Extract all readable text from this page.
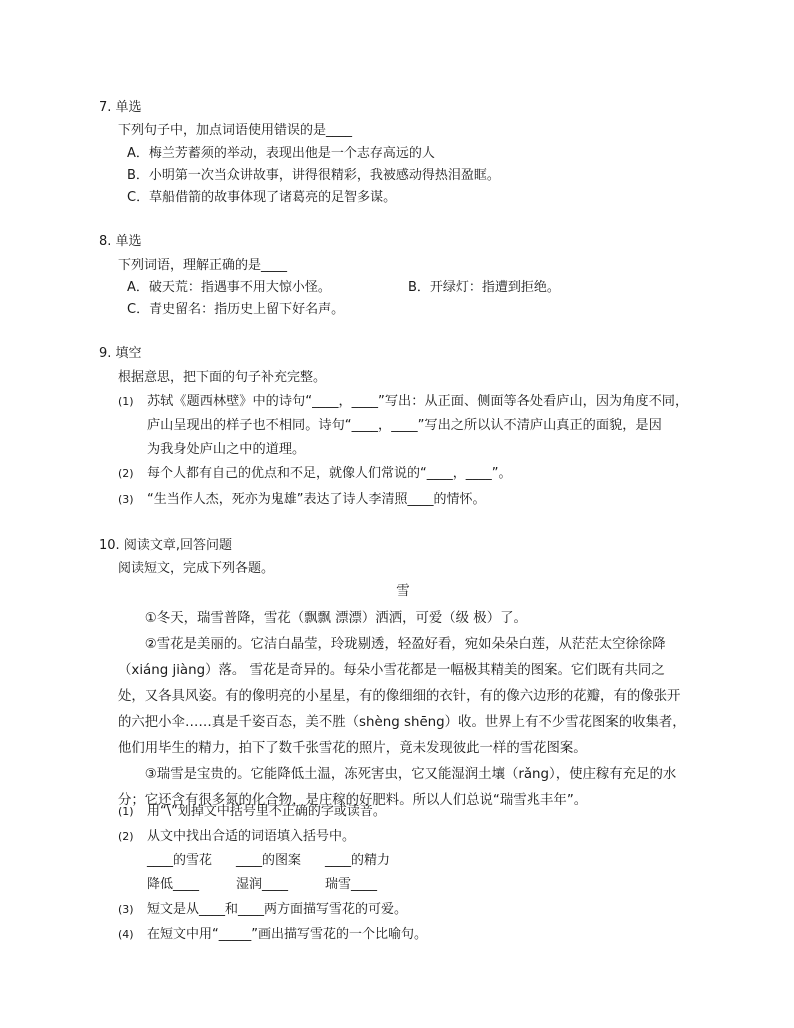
7. 单选
下列句子中，加点词语使用错误的是____
A．梅兰芳蓄须的举动，表现出他是一个志存高远的人
B．小明第一次当众讲故事，讲得很精彩，我被感动得热泪盈眶。
C．草船借箭的故事体现了诸葛亮的足智多谋。
8. 单选
下列词语，理解正确的是____
A．破天荒：指遇事不用大惊小怪。	B．开绿灯：指遭到拒绝。
C．青史留名：指历史上留下好名声。
9. 填空
根据意思，把下面的句子补充完整。
(1) 苏轼《题西林壁》中的诗句“____，____”写出：从正面、侧面等各处看庐山，因为角度不同，
庐山呈现出的样子也不相同。诗句“____，____”写出之所以认不清庐山真正的面貌，是因
为我身处庐山之中的道理。
(2) 每个人都有自己的优点和不足，就像人们常说的“____，____”。
(3) “生当作人杰，死亦为鬼雄”表达了诗人李清照____的情怀。
10. 阅读文章,回答问题
阅读短文，完成下列各题。
雪

①冬天，瑞雪普降，雪花（飘飘 漂漂）洒洒，可爱（级 极）了。

②雪花是美丽的。它洁白晶莹，玲珑剔透，轻盈好看，宛如朵朵白莲，从茫茫太空徐徐降（xiáng jiàng）落。 雪花是奇异的。每朵小雪花都是一幅极其精美的图案。它们既有共同之处，又各具风姿。有的像明亮的小星星，有的像细细的衣针，有的像六边形的花瓣，有的像张开的六把小伞……真是千姿百态，美不胜（shèng shēng）收。世界上有不少雪花图案的收集者，他们用毕生的精力，拍下了数千张雪花的照片，竟未发现彼此一样的雪花图案。

③瑞雪是宝贵的。它能降低土温，冻死害虫，它又能湿润土壤（rǎng），使庄稼有充足的水分；它还含有很多氮的化合物，是庄稼的好肥料。所以人们总说“瑞雪兆丰年”。

(1) 用“\”划掉文中括号里不正确的字或读音。
(2) 从文中找出合适的词语填入括号中。
____的雪花 ____的图案 ____的精力
降低____	湿润____	瑞雪____
(3) 短文是从____和____两方面描写雪花的可爱。
(4) 在短文中用“_____”画出描写雪花的一个比喻句。
